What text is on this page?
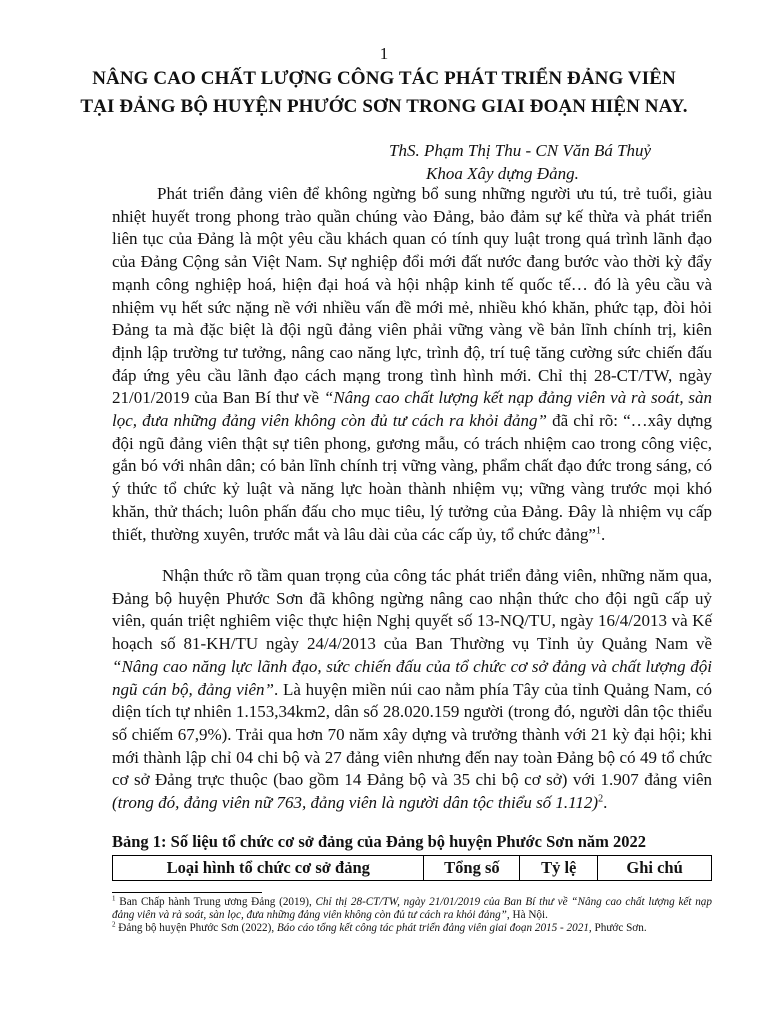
1
NÂNG CAO CHẤT LƯỢNG CÔNG TÁC PHÁT TRIỂN ĐẢNG VIÊN
TẠI ĐẢNG BỘ HUYỆN PHƯỚC SƠN TRONG GIAI ĐOẠN HIỆN NAY.
ThS. Phạm Thị Thu - CN Văn Bá Thuỷ
Khoa Xây dựng Đảng.

Phát triển đảng viên để không ngừng bổ sung những người ưu tú, trẻ tuổi, giàu nhiệt huyết trong phong trào quần chúng vào Đảng, bảo đảm sự kế thừa và phát triển liên tục của Đảng là một yêu cầu khách quan có tính quy luật trong quá trình lãnh đạo của Đảng Cộng sản Việt Nam. Sự nghiệp đổi mới đất nước đang bước vào thời kỳ đẩy mạnh công nghiệp hoá, hiện đại hoá và hội nhập kinh tế quốc tế… đó là yêu cầu và nhiệm vụ hết sức nặng nề với nhiều vấn đề mới mẻ, nhiều khó khăn, phức tạp, đòi hỏi Đảng ta mà đặc biệt là đội ngũ đảng viên phải vững vàng về bản lĩnh chính trị, kiên định lập trường tư tưởng, nâng cao năng lực, trình độ, trí tuệ tăng cường sức chiến đấu đáp ứng yêu cầu lãnh đạo cách mạng trong tình hình mới. Chỉ thị 28-CT/TW, ngày 21/01/2019 của Ban Bí thư về “Nâng cao chất lượng kết nạp đảng viên và rà soát, sàn lọc, đưa những đảng viên không còn đủ tư cách ra khỏi đảng” đã chỉ rõ: “…xây dựng đội ngũ đảng viên thật sự tiên phong, gương mẫu, có trách nhiệm cao trong công việc, gắn bó với nhân dân; có bản lĩnh chính trị vững vàng, phẩm chất đạo đức trong sáng, có ý thức tổ chức kỷ luật và năng lực hoàn thành nhiệm vụ; vững vàng trước mọi khó khăn, thử thách; luôn phấn đấu cho mục tiêu, lý tưởng của Đảng. Đây là nhiệm vụ cấp thiết, thường xuyên, trước mắt và lâu dài của các cấp ủy, tổ chức đảng”$^1$.

Nhận thức rõ tầm quan trọng của công tác phát triển đảng viên, những năm qua, Đảng bộ huyện Phước Sơn đã không ngừng nâng cao nhận thức cho đội ngũ cấp uỷ viên, quán triệt nghiêm việc thực hiện Nghị quyết số 13-NQ/TU, ngày 16/4/2013 và Kế hoạch số 81-KH/TU ngày 24/4/2013 của Ban Thường vụ Tỉnh ủy Quảng Nam về “Nâng cao năng lực lãnh đạo, sức chiến đấu của tổ chức cơ sở đảng và chất lượng đội ngũ cán bộ, đảng viên”. Là huyện miền núi cao nằm phía Tây của tỉnh Quảng Nam, có diện tích tự nhiên 1.153,34km2, dân số 28.020.159 người (trong đó, người dân tộc thiểu số chiếm 67,9%). Trải qua hơn 70 năm xây dựng và trưởng thành với 21 kỳ đại hội; khi mới thành lập chỉ 04 chi bộ và 27 đảng viên nhưng đến nay toàn Đảng bộ có 49 tổ chức cơ sở Đảng trực thuộc (bao gồm 14 Đảng bộ và 35 chi bộ cơ sở) với 1.907 đảng viên (trong đó, đảng viên nữ 763, đảng viên là người dân tộc thiểu số 1.112)$^2$.

Bảng 1: Số liệu tổ chức cơ sở đảng của Đảng bộ huyện Phước Sơn năm 2022
Loại hình tổ chức cơ sở đảng	Tổng số	Tỷ lệ	Ghi chú

$^1$ Ban Chấp hành Trung ương Đảng (2019), Chỉ thị 28-CT/TW, ngày 21/01/2019 của Ban Bí thư về “Nâng cao chất lượng kết nạp đảng viên và rà soát, sàn lọc, đưa những đảng viên không còn đủ tư cách ra khỏi đảng”, Hà Nội.

$^2$ Đảng bộ huyện Phước Sơn (2022), Báo cáo tổng kết công tác phát triển đảng viên giai đoạn 2015 - 2021, Phước Sơn.
